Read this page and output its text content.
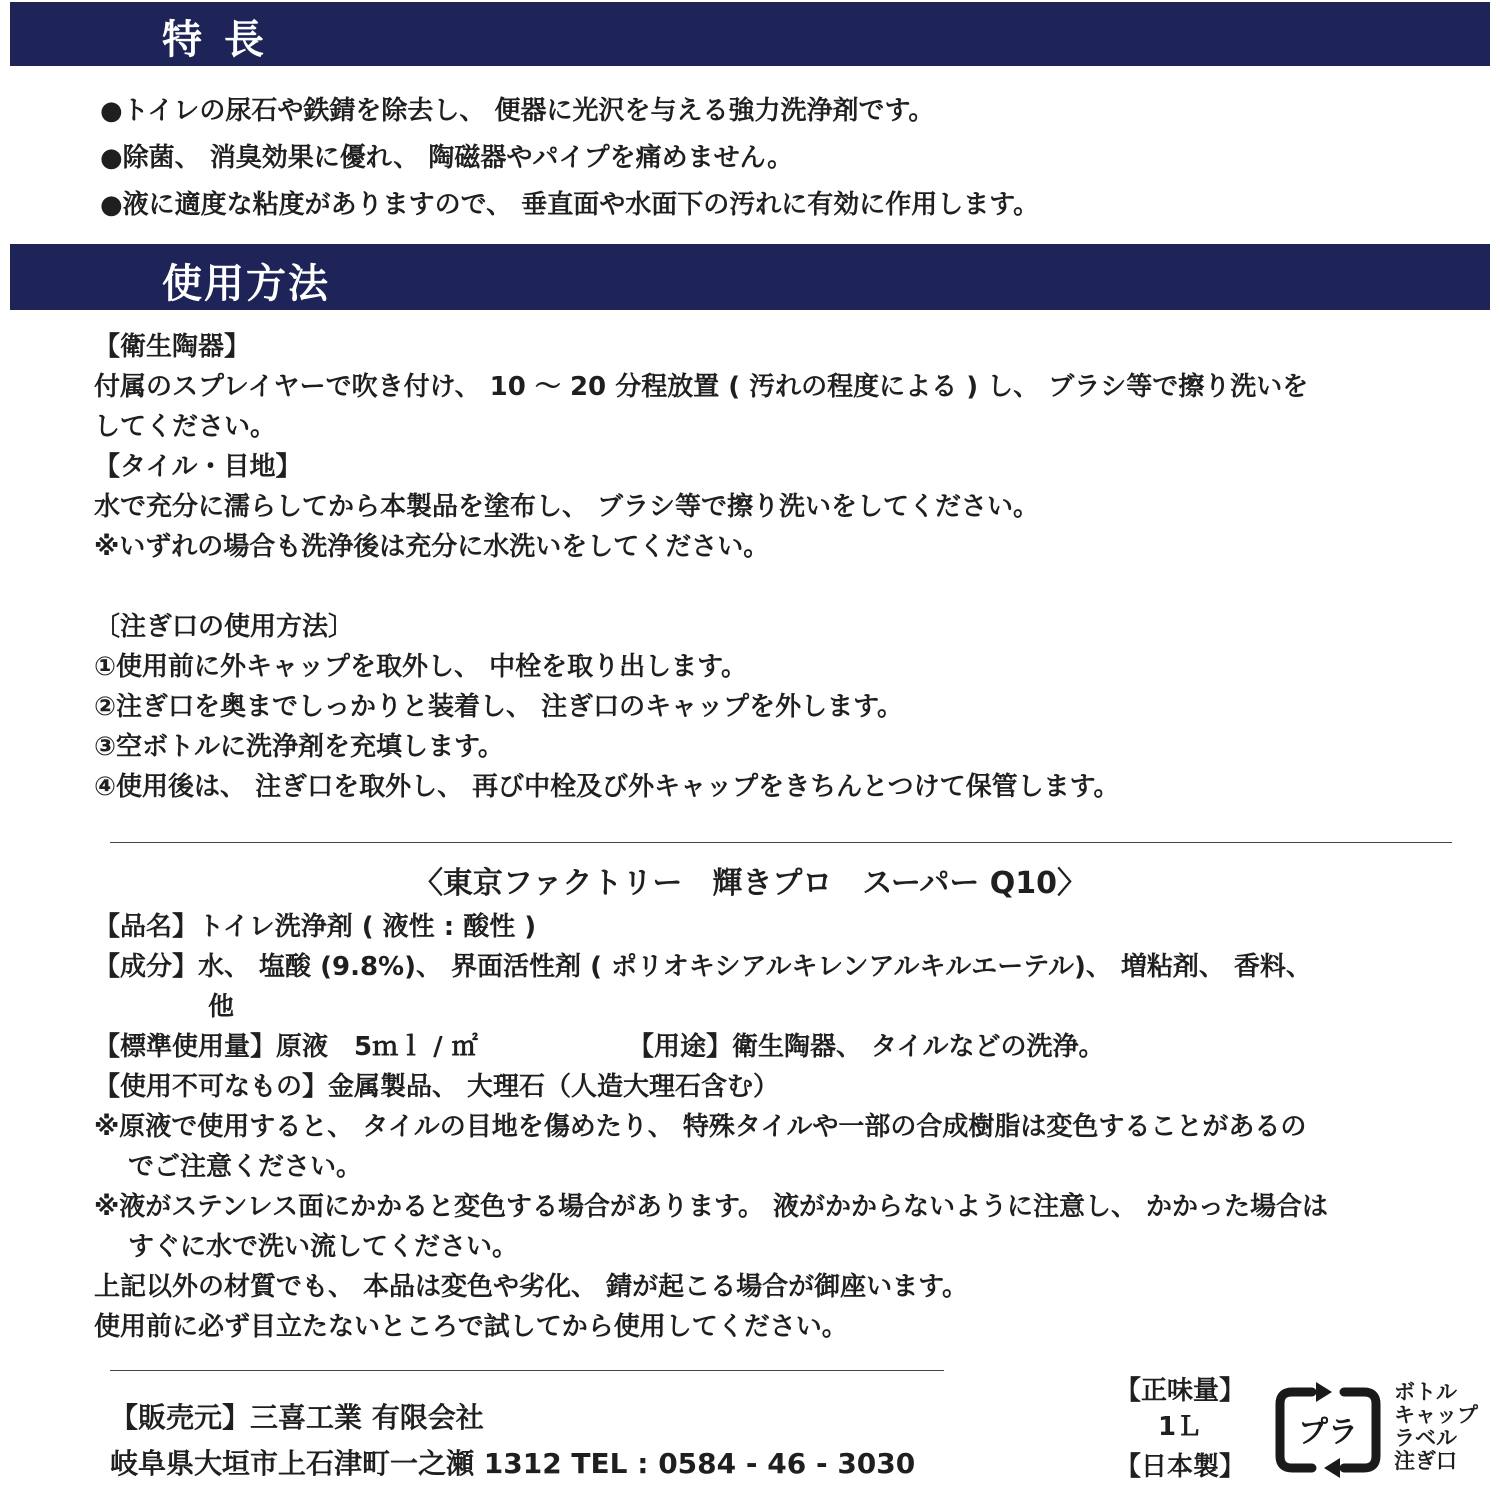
特長
●トイレの尿石や鉄錆を除去し、 便器に光沢を与える強力洗浄剤です。
●除菌、 消臭効果に優れ、 陶磁器やパイプを痛めません。
●液に適度な粘度がありますので、 垂直面や水面下の汚れに有効に作用します。
使用方法
【衛生陶器】
付属のスプレイヤーで吹き付け、 10 ～ 20 分程放置 ( 汚れの程度による ) し、 ブラシ等で擦り洗いを
してください。
【タイル・目地】
水で充分に濡らしてから本製品を塗布し、 ブラシ等で擦り洗いをしてください。
※いずれの場合も洗浄後は充分に水洗いをしてください。
〔注ぎ口の使用方法〕
①使用前に外キャップを取外し、 中栓を取り出します。
②注ぎ口を奥までしっかりと装着し、 注ぎ口のキャップを外します。
③空ボトルに洗浄剤を充填します。
④使用後は、 注ぎ口を取外し、 再び中栓及び外キャップをきちんとつけて保管します。
〈東京ファクトリー　輝きプロ　スーパー Q10〉
【品名】トイレ洗浄剤 ( 液性 : 酸性 )
【成分】水、 塩酸 (9.8%)、 界面活性剤 ( ポリオキシアルキレンアルキルエーテル)、 増粘剤、 香料、
他
【標準使用量】原液　5ｍｌ / ㎡	【用途】衛生陶器、 タイルなどの洗浄。
【使用不可なもの】金属製品、 大理石（人造大理石含む）
※原液で使用すると、 タイルの目地を傷めたり、 特殊タイルや一部の合成樹脂は変色することがあるの
でご注意ください。
※液がステンレス面にかかると変色する場合があります。 液がかからないように注意し、 かかった場合は
すぐに水で洗い流してください。
上記以外の材質でも、 本品は変色や劣化、 錆が起こる場合が御座います。
使用前に必ず目立たないところで試してから使用してください。
【販売元】三喜工業 有限会社
岐阜県大垣市上石津町一之瀬 1312 TEL : 0584 - 46 - 3030
【正味量】
1Ｌ
【日本製】
プラ
ボトル
キャップ
ラベル
注ぎ口
